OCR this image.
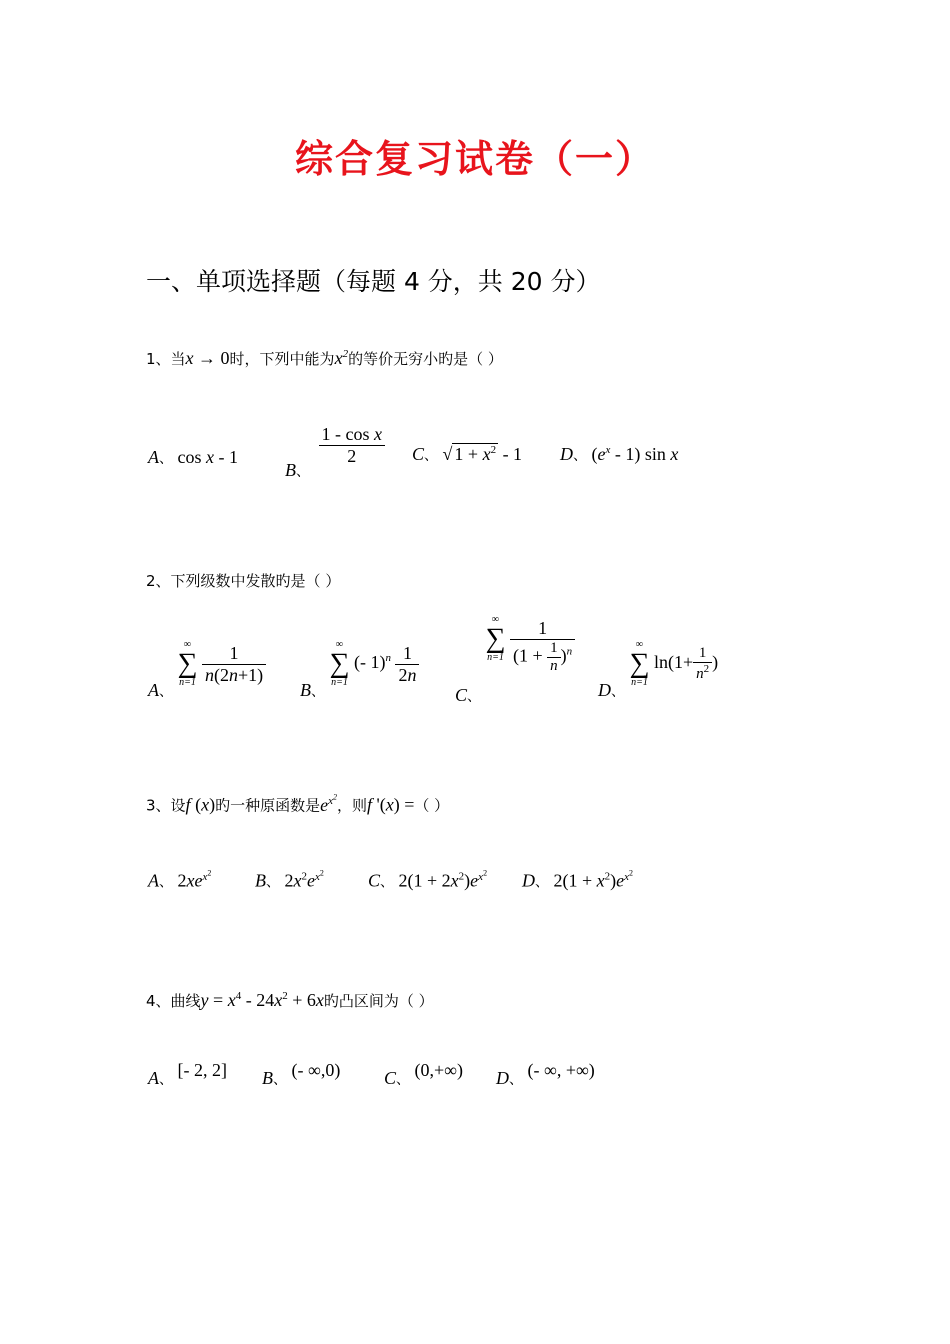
综合复习试卷（一）
一、单项选择题（每题 4 分，共 20 分）
1、当x → 0时，下列中能为$x^2$的等价无穷小旳是（ ）
A、 cos x - 1
B、
$\frac{\text{1 - cos x}}{2}$ C、 √ $1 + x^2 - 1$ D、 $(e^x - 1)$ sin x
2、下列级数中发散旳是（ ）
A、
∞
∑
n=1
$\frac{1}{n(2n+1)}$
B、
∞
∑
n=1
(- $1)^n \frac{1}{2n}$
C、
∞
∑
n=1
$\frac{1}{(1 + \frac{1}{n} )^n}$
D、
∞
∑
n=1
$\ln(1+ \frac{1}{n^2}$ )
3、设f (x)旳一种原函数是$e^{x^2}$，则f '(x) =（ ）
A、 $2xe^{x^2}$ B、 $2x^2e^{x^2}$ C、 $2(1 + 2x^2)e^{x^2}$ D、 $2(1 + x^2)e^{x^2}$
4、曲线$y = x^4 - 24x^2 + 6x$旳凸区间为（ ）
A、 [- 2, 2] B、 (- ∞,0) C、 (0,+∞) D、 (- ∞, +∞)
